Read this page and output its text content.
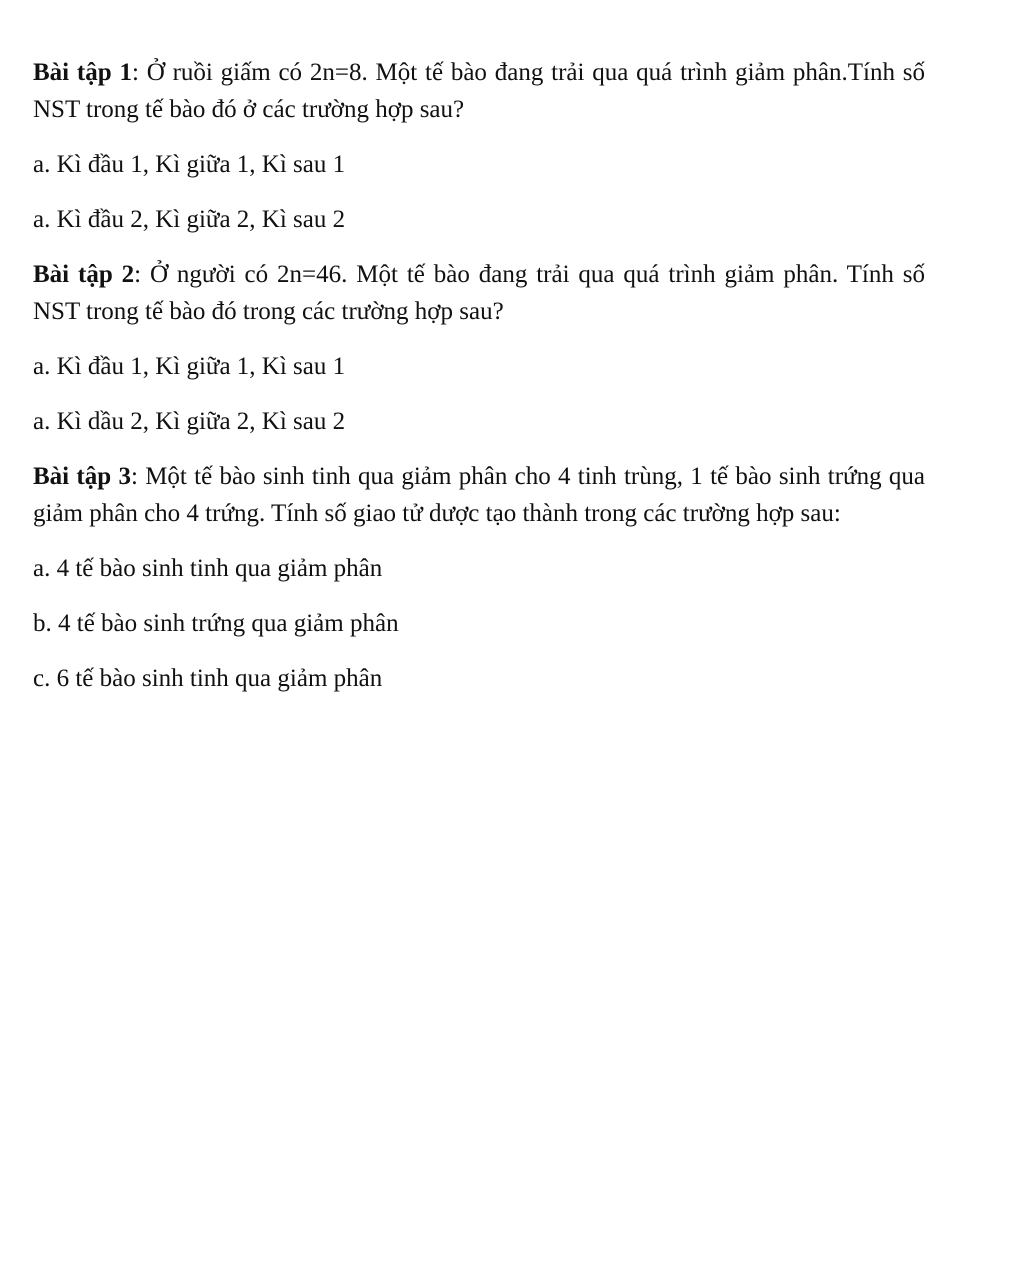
Bài tập 1: Ở ruồi giấm có 2n=8. Một tế bào đang trải qua quá trình giảm phân.Tính số NST trong tế bào đó ở các trường hợp sau?

a. Kì đầu 1, Kì giữa 1, Kì sau 1

a. Kì đầu 2, Kì giữa 2, Kì sau 2

Bài tập 2: Ở người có 2n=46. Một tế bào đang trải qua quá trình giảm phân. Tính số NST trong tế bào đó trong các trường hợp sau?

a. Kì đầu 1, Kì giữa 1, Kì sau 1

a. Kì dầu 2, Kì giữa 2, Kì sau 2

Bài tập 3: Một tế bào sinh tinh qua giảm phân cho 4 tinh trùng, 1 tế bào sinh trứng qua giảm phân cho 4 trứng. Tính số giao tử dược tạo thành trong các trường hợp sau:

a. 4 tế bào sinh tinh qua giảm phân

b. 4 tế bào sinh trứng qua giảm phân

c. 6 tế bào sinh tinh qua giảm phân
